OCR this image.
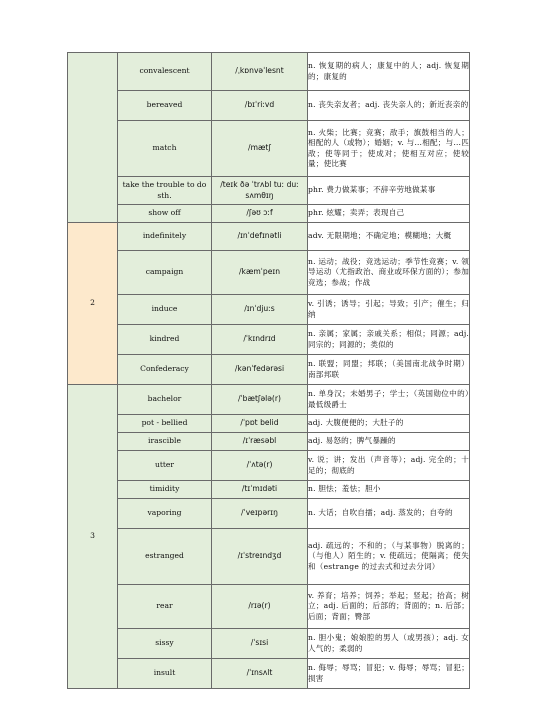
	convalescent	/ˌkɒnvəˈlesnt	n. 恢复期的病人；康复中的人；adj. 恢复期的；康复的
	bereaved	/bɪˈriːvd	n. 丧失亲友者；adj. 丧失亲人的；新近丧亲的
	match	/mætʃ	n. 火柴；比赛；竞赛；敌手；旗鼓相当的人；相配的人（或物）；婚姻；v. 与…相配；与…匹敌；使等同于；使成对；使相互对应；使较量；使比赛
	take the trouble to do sth.	/teɪk ðə ˈtrʌbl tuː duː sʌmθɪŋ	phr. 费力做某事；不辞辛劳地做某事
	show off	/ʃəʊ ɔːf	phr. 炫耀；卖弄；表现自己
2	indefinitely	/ɪnˈdefɪnətli	adv. 无限期地；不确定地；模糊地；大概
	campaign	/kæmˈpeɪn	n. 运动；战役；竞选运动；季节性竞赛；v. 领导运动（尤指政治、商业或环保方面的）；参加竞选；参战；作战
	induce	/ɪnˈdjuːs	v. 引诱；诱导；引起；导致；引产；催生；归纳
	kindred	/ˈkɪndrɪd	n. 亲属；家属；亲戚关系；相似；同源；adj. 同宗的；同源的；类似的
	Confederacy	/kənˈfedərəsi	n. 联盟；同盟；邦联；（美国南北战争时期）南部邦联
3	bachelor	/ˈbætʃələ(r)	n. 单身汉；未婚男子；学士；（英国勋位中的）最低级爵士
	pot - bellied	/ˈpɒt belid	adj. 大腹便便的；大肚子的
	irascible	/ɪˈræsəbl	adj. 易怒的；脾气暴躁的
	utter	/ˈʌtə(r)	v. 说；讲；发出（声音等）；adj. 完全的；十足的；彻底的
	timidity	/tɪˈmɪdəti	n. 胆怯；羞怯；胆小
	vaporing	/ˈveɪpərɪŋ	n. 大话；自吹自擂；adj. 蒸发的；自夸的
	estranged	/ɪˈstreɪndʒd	adj. 疏远的；不和的；（与某事物）脱离的；（与他人）陌生的；v. 使疏远；使隔离；使失和（estrange 的过去式和过去分词）
	rear	/rɪə(r)	v. 养育；培养；饲养；举起；竖起；抬高；树立；adj. 后面的；后部的；背面的；n. 后部；后面；背面；臀部
	sissy	/ˈsɪsi	n. 胆小鬼；娘娘腔的男人（或男孩）；adj. 女人气的；柔弱的
	insult	/ˈɪnsʌlt	n. 侮辱；辱骂；冒犯；v. 侮辱；辱骂；冒犯；损害
